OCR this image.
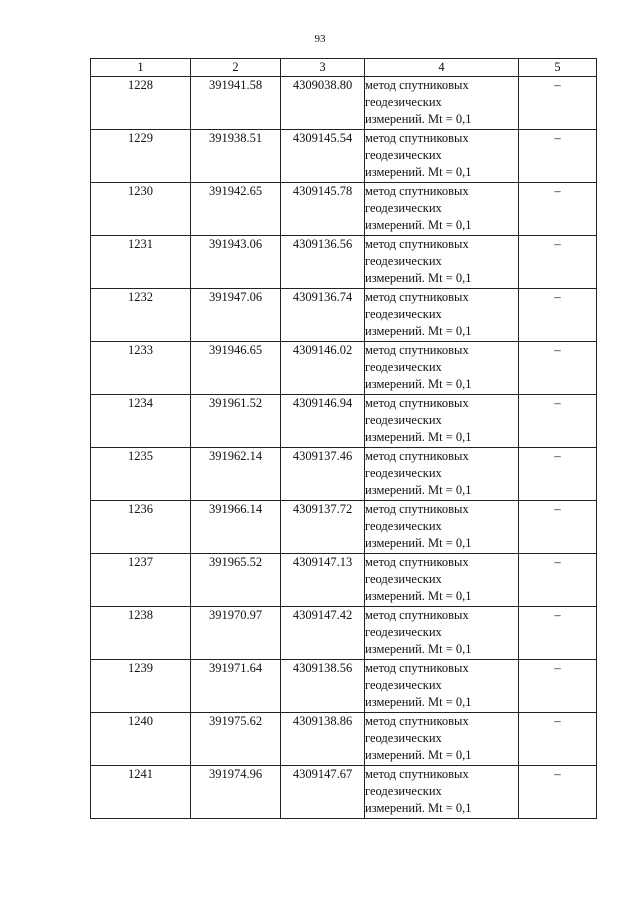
93
1	2	3	4	5
1228	391941.58	4309038.80	метод спутниковых
геодезических
измерений. Mt = 0,1	–
1229	391938.51	4309145.54	метод спутниковых
геодезических
измерений. Mt = 0,1	–
1230	391942.65	4309145.78	метод спутниковых
геодезических
измерений. Mt = 0,1	–
1231	391943.06	4309136.56	метод спутниковых
геодезических
измерений. Mt = 0,1	–
1232	391947.06	4309136.74	метод спутниковых
геодезических
измерений. Mt = 0,1	–
1233	391946.65	4309146.02	метод спутниковых
геодезических
измерений. Mt = 0,1	–
1234	391961.52	4309146.94	метод спутниковых
геодезических
измерений. Mt = 0,1	–
1235	391962.14	4309137.46	метод спутниковых
геодезических
измерений. Mt = 0,1	–
1236	391966.14	4309137.72	метод спутниковых
геодезических
измерений. Mt = 0,1	–
1237	391965.52	4309147.13	метод спутниковых
геодезических
измерений. Mt = 0,1	–
1238	391970.97	4309147.42	метод спутниковых
геодезических
измерений. Mt = 0,1	–
1239	391971.64	4309138.56	метод спутниковых
геодезических
измерений. Mt = 0,1	–
1240	391975.62	4309138.86	метод спутниковых
геодезических
измерений. Mt = 0,1	–
1241	391974.96	4309147.67	метод спутниковых
геодезических
измерений. Mt = 0,1	–
